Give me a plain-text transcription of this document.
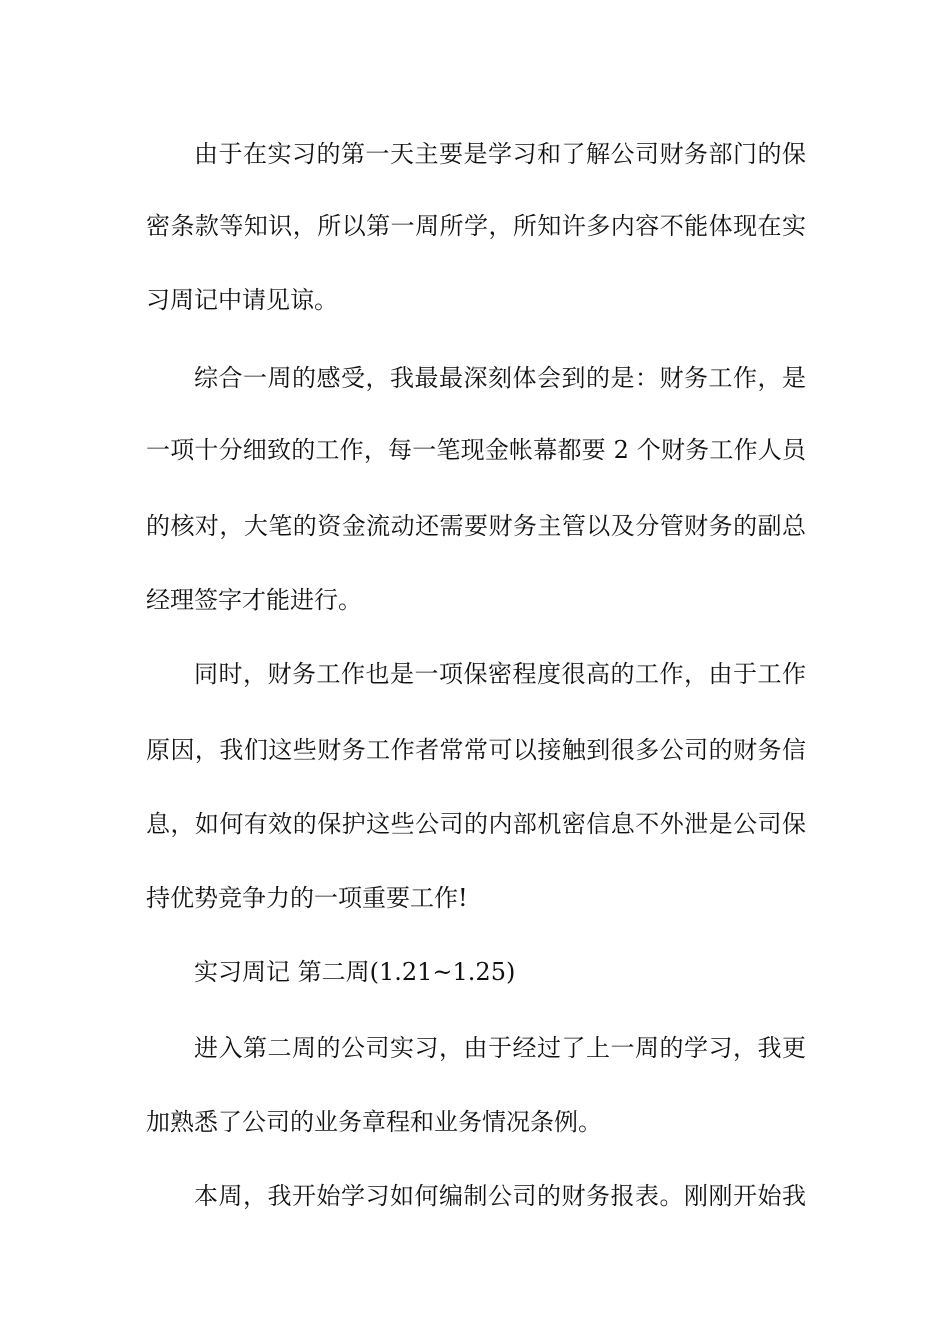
由于在实习的第一天主要是学习和了解公司财务部门的保
密条款等知识，所以第一周所学，所知许多内容不能体现在实
习周记中请见谅。
综合一周的感受，我最最深刻体会到的是：财务工作，是
一项十分细致的工作，每一笔现金帐幕都要 2 个财务工作人员
的核对，大笔的资金流动还需要财务主管以及分管财务的副总
经理签字才能进行。
同时，财务工作也是一项保密程度很高的工作，由于工作
原因，我们这些财务工作者常常可以接触到很多公司的财务信
息，如何有效的保护这些公司的内部机密信息不外泄是公司保
持优势竞争力的一项重要工作!
实习周记 第二周(1.21~1.25)
进入第二周的公司实习，由于经过了上一周的学习，我更
加熟悉了公司的业务章程和业务情况条例。
本周，我开始学习如何编制公司的财务报表。刚刚开始我
